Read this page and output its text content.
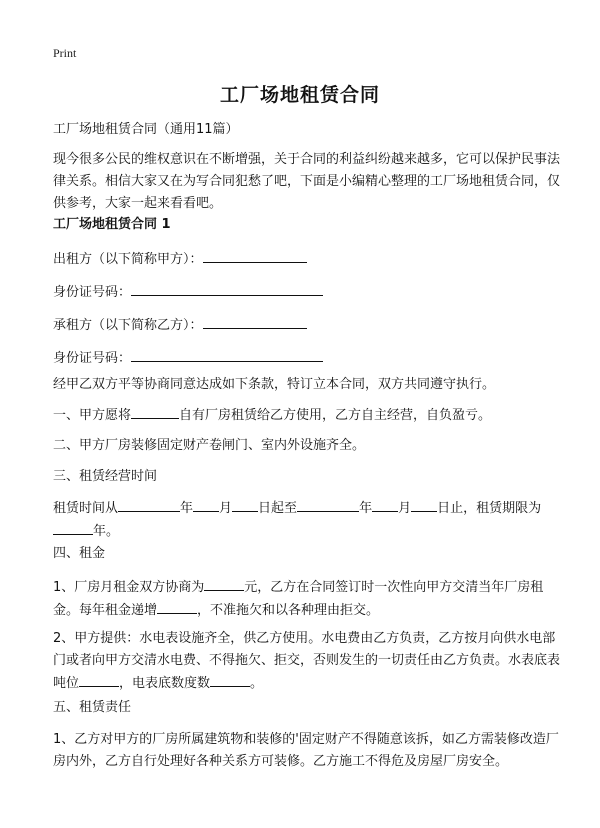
Print
工厂场地租赁合同
工厂场地租赁合同（通用11篇）
现今很多公民的维权意识在不断增强，关于合同的利益纠纷越来越多，它可以保护民事法律关系。相信大家又在为写合同犯愁了吧，下面是小编精心整理的工厂场地租赁合同，仅供参考，大家一起来看看吧。
工厂场地租赁合同 1
出租方（以下简称甲方）：
身份证号码：
承租方（以下简称乙方）：
身份证号码：
经甲乙双方平等协商同意达成如下条款，特订立本合同，双方共同遵守执行。
一、甲方愿将	自有厂房租赁给乙方使用，乙方自主经营，自负盈亏。
二、甲方厂房装修固定财产卷闸门、室内外设施齐全。
三、租赁经营时间
租赁时间从	年 月 日起至	年 月 日止，租赁期限为年。
四、租金
1、厂房月租金双方协商为	元，乙方在合同签订时一次性向甲方交清当年厂房租金。每年租金递增	，不准拖欠和以各种理由拒交。
2、甲方提供：水电表设施齐全，供乙方使用。水电费由乙方负责，乙方按月向供水电部门或者向甲方交清水电费、不得拖欠、拒交，否则发生的一切责任由乙方负责。水表底表吨位	，电表底数度数	。
五、租赁责任
1、乙方对甲方的厂房所属建筑物和装修的'固定财产不得随意该拆，如乙方需装修改造厂房内外，乙方自行处理好各种关系方可装修。乙方施工不得危及房屋厂房安全。
